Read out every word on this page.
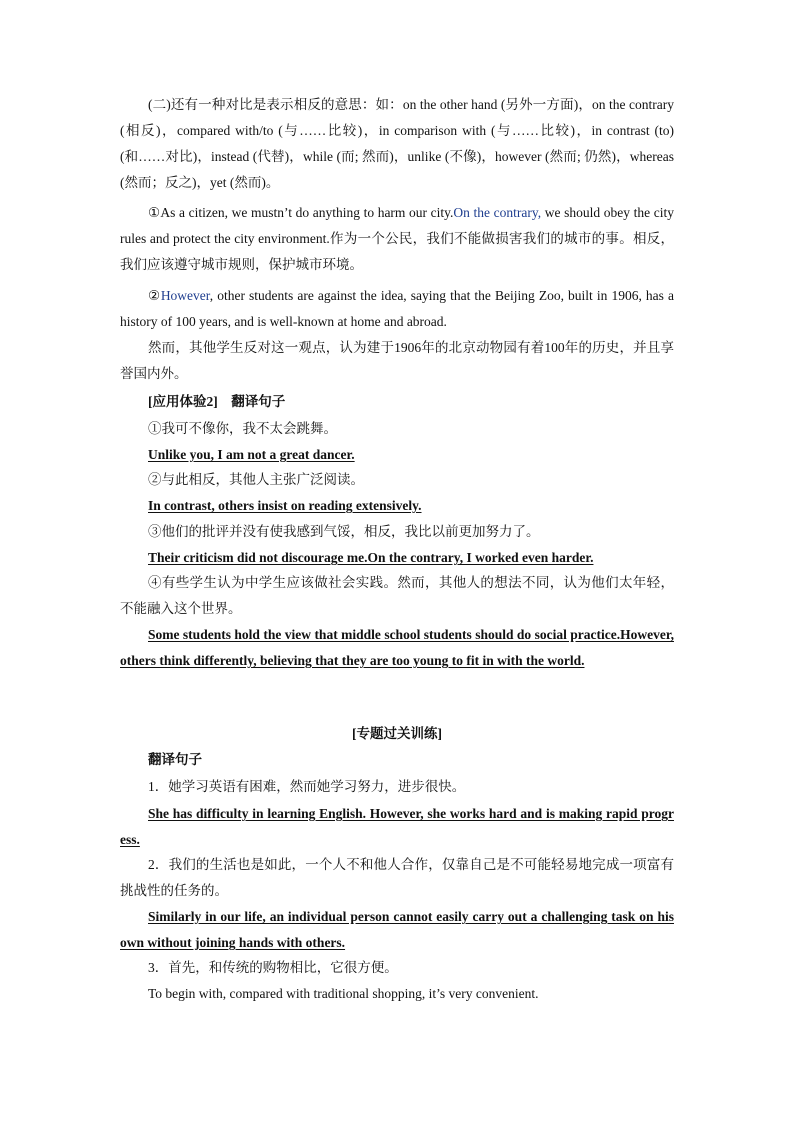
(二)还有一种对比是表示相反的意思：如：on the other hand (另外一方面)，on the contrary (相反)，compared with/to (与……比较)，in comparison with (与……比较)，in contrast (to)(和……对比)，instead (代替)，while (而; 然而)，unlike (不像)，however (然而; 仍然)，whereas (然而；反之)，yet (然而)。

①As a citizen, we mustn’t do anything to harm our city.On the contrary, we should obey the city rules and protect the city environment.作为一个公民，我们不能做损害我们的城市的事。相反，我们应该遵守城市规则，保护城市环境。

②However, other students are against the idea, saying that the Beijing Zoo, built in 1906, has a history of 100 years, and is well-known at home and abroad.

然而，其他学生反对这一观点，认为建于1906年的北京动物园有着100年的历史，并且享誉国内外。

[应用体验2]　翻译句子

①我可不像你，我不太会跳舞。

Unlike you, I am not a great dancer.

②与此相反，其他人主张广泛阅读。

In contrast, others insist on reading extensively.

③他们的批评并没有使我感到气馁，相反，我比以前更加努力了。

Their criticism did not discourage me.On the contrary, I worked even harder.

④有些学生认为中学生应该做社会实践。然而，其他人的想法不同，认为他们太年轻，不能融入这个世界。

Some students hold the view that middle school students should do social practice.However, others think differently, believing that they are too young to fit in with the world.

[专题过关训练]

翻译句子

1．她学习英语有困难，然而她学习努力，进步很快。

She has difficulty in learning English. However, she works hard and is making rapid progress.

2．我们的生活也是如此，一个人不和他人合作，仅靠自己是不可能轻易地完成一项富有挑战性的任务的。

Similarly in our life, an individual person cannot easily carry out a challenging task on his own without joining hands with others.

3．首先，和传统的购物相比，它很方便。

To begin with, compared with traditional shopping, it’s very convenient.
